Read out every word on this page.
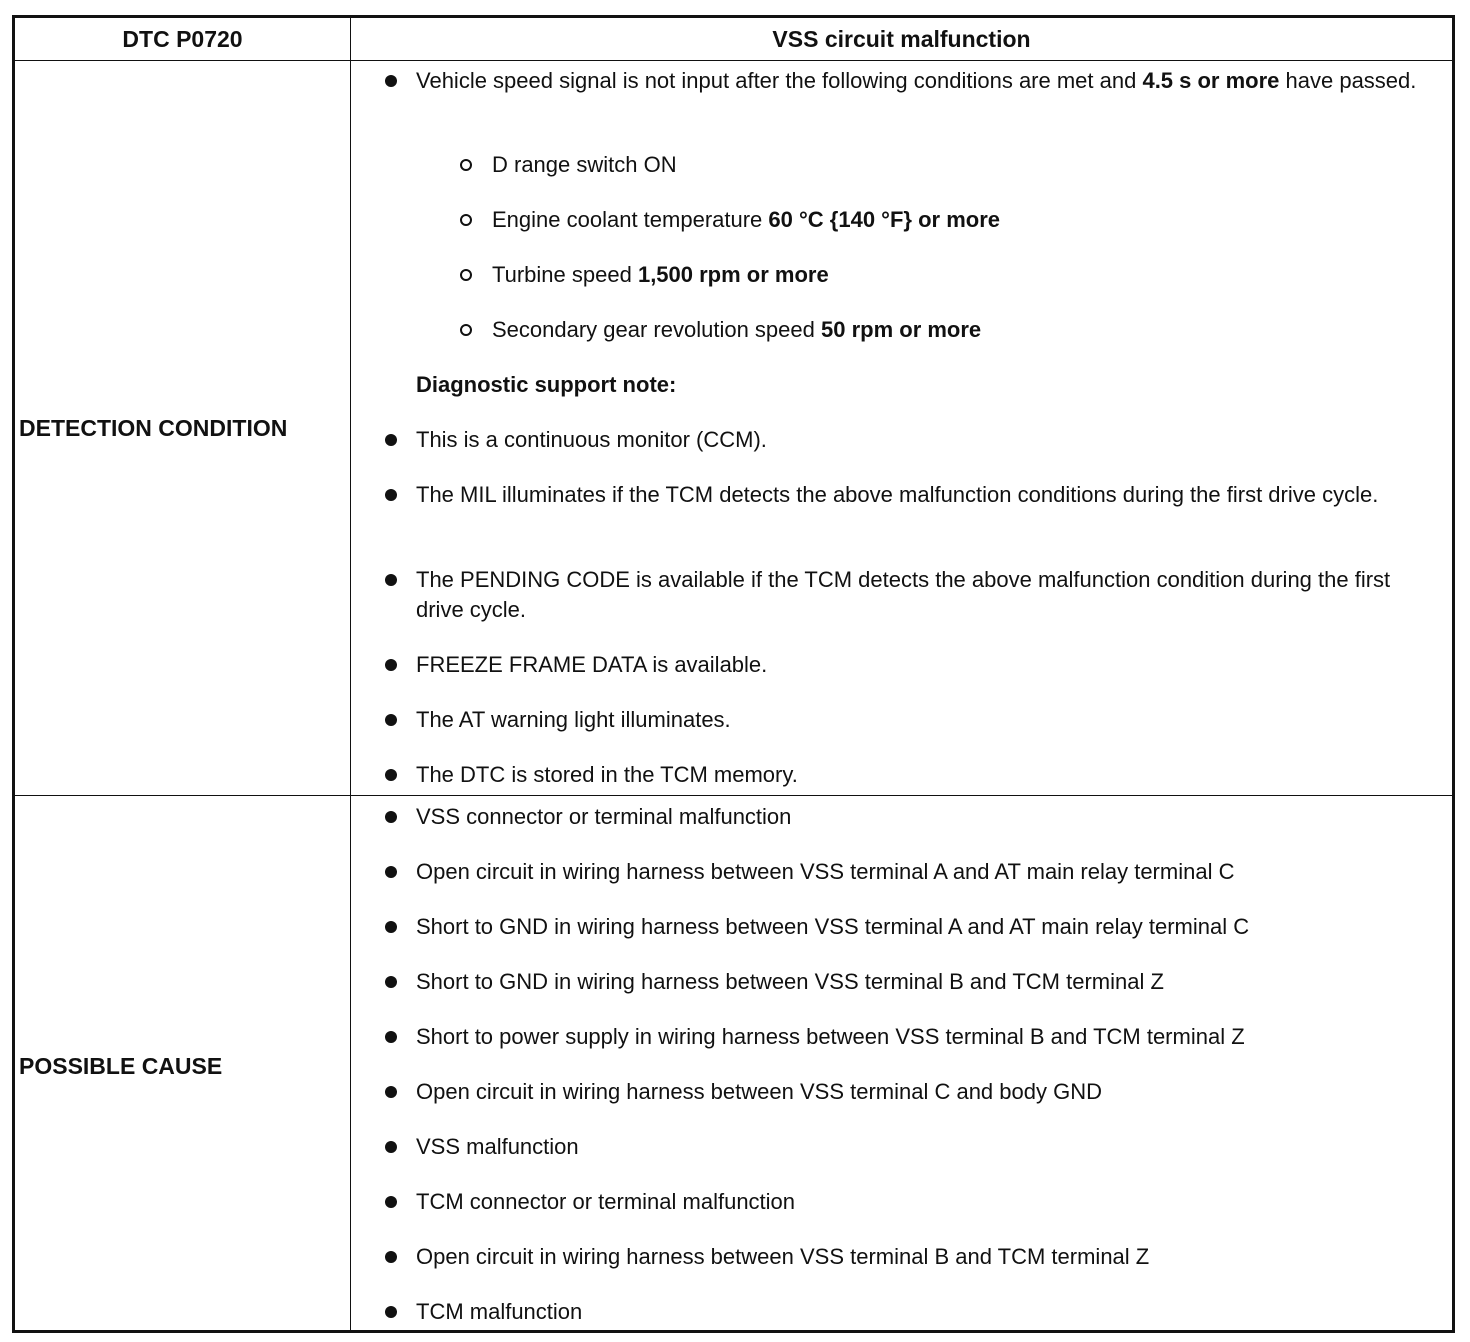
DTC P0720	VSS circuit malfunction
DETECTION CONDITION
POSSIBLE CAUSE
Vehicle speed signal is not input after the following conditions are met and 4.5 s or more have passed.
D range switch ON
Engine coolant temperature 60 °C {140 °F} or more
Turbine speed 1,500 rpm or more
Secondary gear revolution speed 50 rpm or more
Diagnostic support note:
This is a continuous monitor (CCM).
The MIL illuminates if the TCM detects the above malfunction conditions during the first drive cycle.
The PENDING CODE is available if the TCM detects the above malfunction condition during the first drive cycle.
FREEZE FRAME DATA is available.
The AT warning light illuminates.
The DTC is stored in the TCM memory.
VSS connector or terminal malfunction
Open circuit in wiring harness between VSS terminal A and AT main relay terminal C
Short to GND in wiring harness between VSS terminal A and AT main relay terminal C
Short to GND in wiring harness between VSS terminal B and TCM terminal Z
Short to power supply in wiring harness between VSS terminal B and TCM terminal Z
Open circuit in wiring harness between VSS terminal C and body GND
VSS malfunction
TCM connector or terminal malfunction
Open circuit in wiring harness between VSS terminal B and TCM terminal Z
TCM malfunction
